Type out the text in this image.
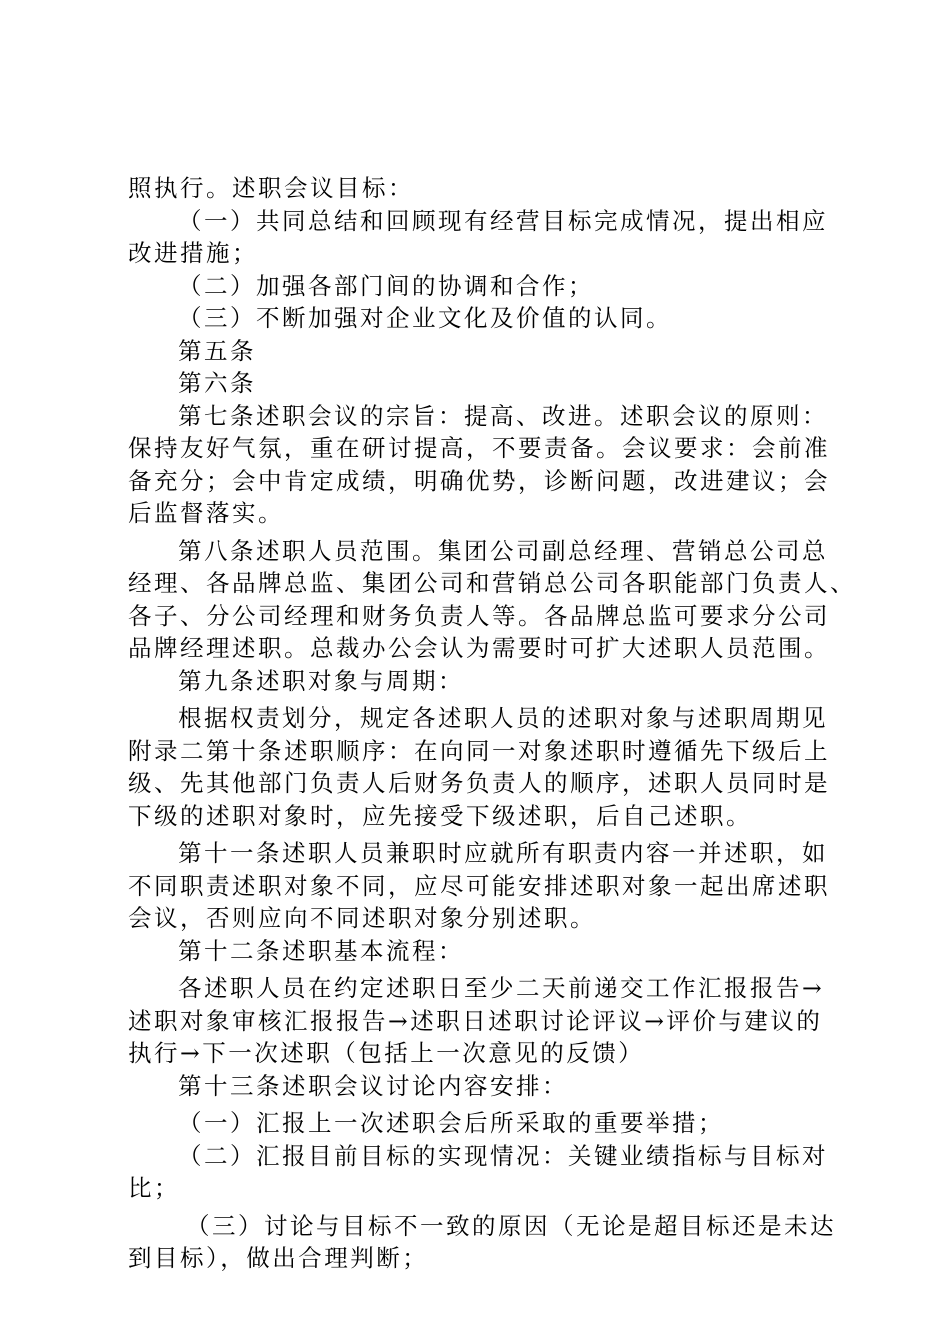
照执行。述职会议目标：
（一）共同总结和回顾现有经营目标完成情况，提出相应
改进措施；
（二）加强各部门间的协调和合作；
（三）不断加强对企业文化及价值的认同。
第五条
第六条
第七条述职会议的宗旨：提高、改进。述职会议的原则：
保持友好气氛，重在研讨提高，不要责备。会议要求：会前准
备充分；会中肯定成绩，明确优势，诊断问题，改进建议；会
后监督落实。
第八条述职人员范围。集团公司副总经理、营销总公司总
经理、各品牌总监、集团公司和营销总公司各职能部门负责人、
各子、分公司经理和财务负责人等。各品牌总监可要求分公司
品牌经理述职。总裁办公会认为需要时可扩大述职人员范围。
第九条述职对象与周期：
根据权责划分，规定各述职人员的述职对象与述职周期见
附录二第十条述职顺序：在向同一对象述职时遵循先下级后上
级、先其他部门负责人后财务负责人的顺序，述职人员同时是
下级的述职对象时，应先接受下级述职，后自己述职。
第十一条述职人员兼职时应就所有职责内容一并述职，如
不同职责述职对象不同，应尽可能安排述职对象一起出席述职
会议，否则应向不同述职对象分别述职。
第十二条述职基本流程：
各述职人员在约定述职日至少二天前递交工作汇报报告→
述职对象审核汇报报告→述职日述职讨论评议→评价与建议的
执行→下一次述职（包括上一次意见的反馈）
第十三条述职会议讨论内容安排：
（一）汇报上一次述职会后所采取的重要举措；
（二）汇报目前目标的实现情况：关键业绩指标与目标对
比；
（三）讨论与目标不一致的原因（无论是超目标还是未达
到目标），做出合理判断；
